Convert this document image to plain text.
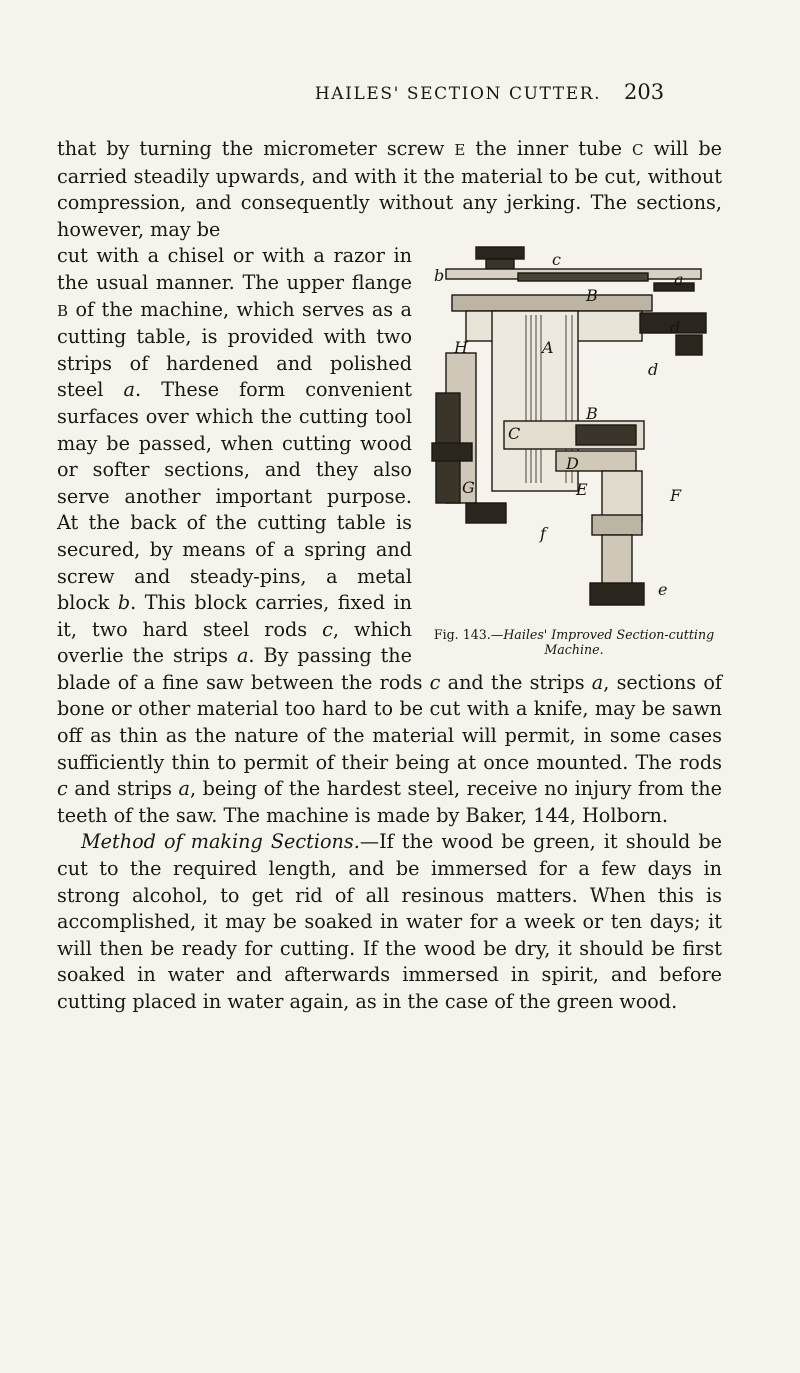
HAILES' SECTION CUTTER.	203

that by turning the micrometer screw E the inner tube C will be carried steadily upwards, and with it the material to be cut, without compression, and consequently without any jerking. The sections, however, may be

b
c
a
B
H	A
d
d
B
C
D
E	F
f
e
G
Fig. 143.—Hailes' Improved Section-cutting Machine.

cut with a chisel or with a razor in the usual manner. The upper flange B of the machine, which serves as a cutting table, is provided with two strips of hardened and polished steel a. These form convenient surfaces over which the cutting tool may be passed, when cutting wood or softer sections, and they also serve another important purpose. At the back of the cutting table is secured, by means of a spring and screw and steady-pins, a metal block b. This block carries, fixed in it, two hard steel rods c, which overlie the strips a. By passing the blade of a fine saw between the rods c and the strips a, sections of bone or other material too hard to be cut with a knife, may be sawn off as thin as the nature of the material will permit, in some cases sufficiently thin to permit of their being at once mounted. The rods c and strips a, being of the hardest steel, receive no injury from the teeth of the saw. The machine is made by Baker, 144, Holborn.

Method of making Sections.—If the wood be green, it should be cut to the required length, and be immersed for a few days in strong alcohol, to get rid of all resinous matters. When this is accomplished, it may be soaked in water for a week or ten days; it will then be ready for cutting. If the wood be dry, it should be first soaked in water and afterwards immersed in spirit, and before cutting placed in water again, as in the case of the green wood.
